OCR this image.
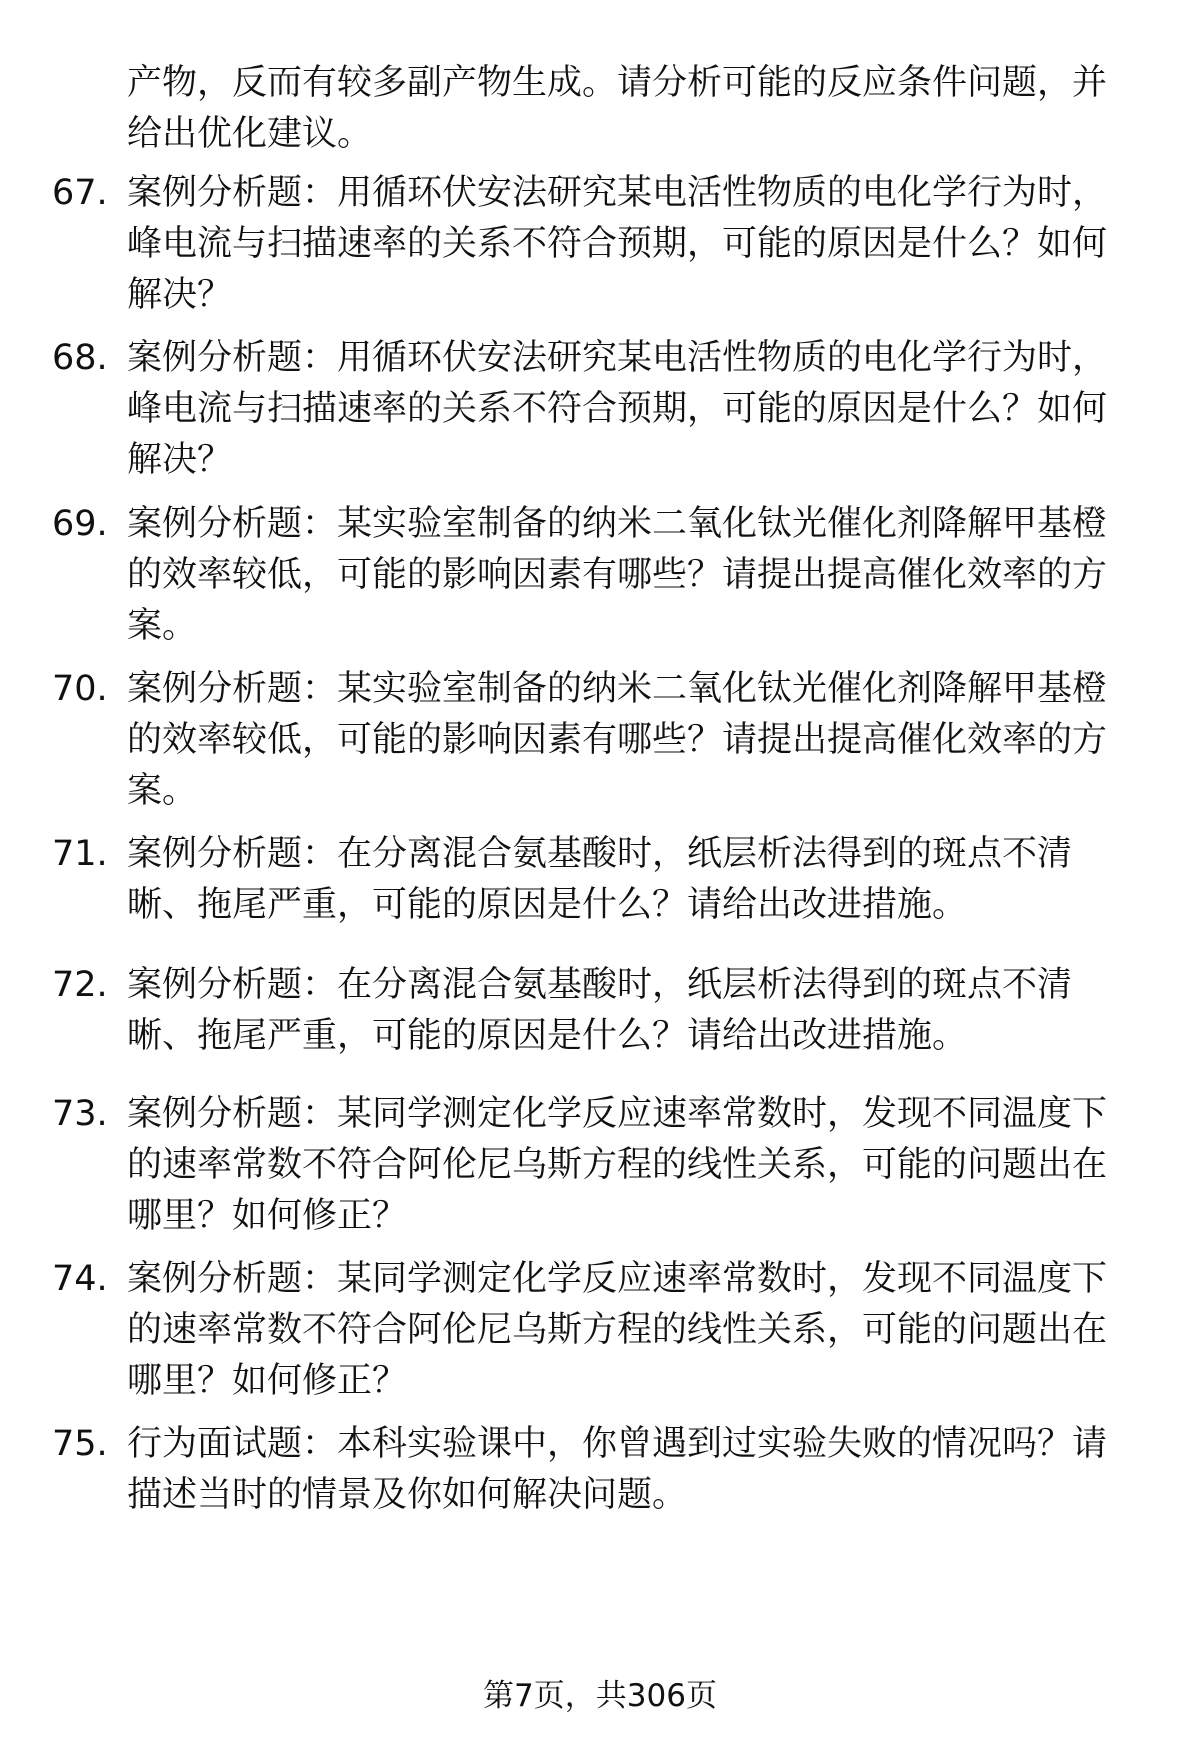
产物，反而有较多副产物生成。请分析可能的反应条件问题，并给出优化建议。
67. 案例分析题：用循环伏安法研究某电活性物质的电化学行为时，峰电流与扫描速率的关系不符合预期，可能的原因是什么？如何解决？
68. 案例分析题：用循环伏安法研究某电活性物质的电化学行为时，峰电流与扫描速率的关系不符合预期，可能的原因是什么？如何解决？
69. 案例分析题：某实验室制备的纳米二氧化钛光催化剂降解甲基橙的效率较低，可能的影响因素有哪些？请提出提高催化效率的方案。
70. 案例分析题：某实验室制备的纳米二氧化钛光催化剂降解甲基橙的效率较低，可能的影响因素有哪些？请提出提高催化效率的方案。
71. 案例分析题：在分离混合氨基酸时，纸层析法得到的斑点不清晰、拖尾严重，可能的原因是什么？请给出改进措施。
72. 案例分析题：在分离混合氨基酸时，纸层析法得到的斑点不清晰、拖尾严重，可能的原因是什么？请给出改进措施。
73. 案例分析题：某同学测定化学反应速率常数时，发现不同温度下的速率常数不符合阿伦尼乌斯方程的线性关系，可能的问题出在哪里？如何修正？
74. 案例分析题：某同学测定化学反应速率常数时，发现不同温度下的速率常数不符合阿伦尼乌斯方程的线性关系，可能的问题出在哪里？如何修正？
75. 行为面试题：本科实验课中，你曾遇到过实验失败的情况吗？请描述当时的情景及你如何解决问题。
第7页，共306页
